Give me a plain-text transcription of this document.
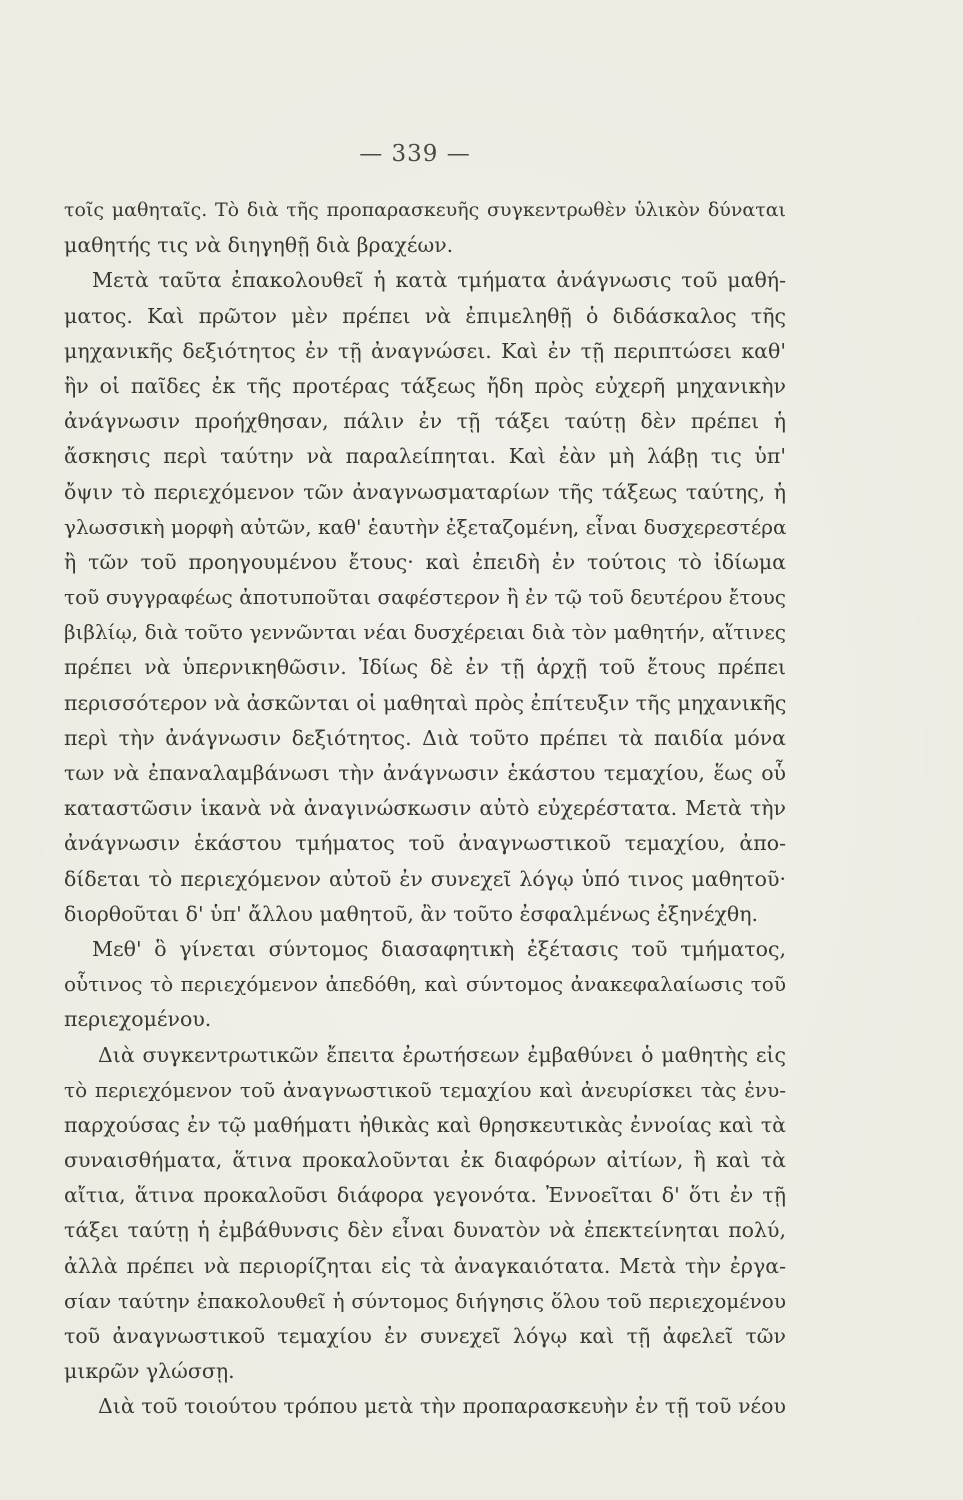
— 339 —
τοῖς μαθηταῖς. Τὸ διὰ τῆς προπαρασκευῆς συγκεντρωθὲν ὑλικὸν δύναται
μαθητής τις νὰ διηγηθῇ διὰ βραχέων.
Μετὰ ταῦτα ἐπακολουθεῖ ἡ κατὰ τμήματα ἀνάγνωσις τοῦ μαθή-
ματος. Καὶ πρῶτον μὲν πρέπει νὰ ἐπιμεληθῇ ὁ διδάσκαλος τῆς
μηχανικῆς δεξιότητος ἐν τῇ ἀναγνώσει. Καὶ ἐν τῇ περιπτώσει καθ'
ἣν οἱ παῖδες ἐκ τῆς προτέρας τάξεως ἤδη πρὸς εὐχερῆ μηχανικὴν
ἀνάγνωσιν προήχθησαν, πάλιν ἐν τῇ τάξει ταύτῃ δὲν πρέπει ἡ
ἄσκησις περὶ ταύτην νὰ παραλείπηται. Καὶ ἐὰν μὴ λάβῃ τις ὑπ'
ὄψιν τὸ περιεχόμενον τῶν ἀναγνωσματαρίων τῆς τάξεως ταύτης, ἡ
γλωσσικὴ μορφὴ αὐτῶν, καθ' ἑαυτὴν ἐξεταζομένη, εἶναι δυσχερεστέρα
ἢ τῶν τοῦ προηγουμένου ἔτους· καὶ ἐπειδὴ ἐν τούτοις τὸ ἰδίωμα
τοῦ συγγραφέως ἀποτυποῦται σαφέστερον ἢ ἐν τῷ τοῦ δευτέρου ἔτους
βιβλίῳ, διὰ τοῦτο γεννῶνται νέαι δυσχέρειαι διὰ τὸν μαθητήν, αἵτινες
πρέπει νὰ ὑπερνικηθῶσιν. Ἰδίως δὲ ἐν τῇ ἀρχῇ τοῦ ἔτους πρέπει
περισσότερον νὰ ἀσκῶνται οἱ μαθηταὶ πρὸς ἐπίτευξιν τῆς μηχανικῆς
περὶ τὴν ἀνάγνωσιν δεξιότητος. Διὰ τοῦτο πρέπει τὰ παιδία μόνα
των νὰ ἐπαναλαμβάνωσι τὴν ἀνάγνωσιν ἑκάστου τεμαχίου, ἕως οὗ
καταστῶσιν ἱκανὰ νὰ ἀναγινώσκωσιν αὐτὸ εὐχερέστατα. Μετὰ τὴν
ἀνάγνωσιν ἑκάστου τμήματος τοῦ ἀναγνωστικοῦ τεμαχίου, ἀπο-
δίδεται τὸ περιεχόμενον αὐτοῦ ἐν συνεχεῖ λόγῳ ὑπό τινος μαθητοῦ·
διορθοῦται δ' ὑπ' ἄλλου μαθητοῦ, ἂν τοῦτο ἐσφαλμένως ἐξηνέχθη.
Μεθ' ὃ γίνεται σύντομος διασαφητικὴ ἐξέτασις τοῦ τμήματος,
οὗτινος τὸ περιεχόμενον ἀπεδόθη, καὶ σύντομος ἀνακεφαλαίωσις τοῦ
περιεχομένου.
Διὰ συγκεντρωτικῶν ἔπειτα ἐρωτήσεων ἐμβαθύνει ὁ μαθητὴς εἰς
τὸ περιεχόμενον τοῦ ἀναγνωστικοῦ τεμαχίου καὶ ἀνευρίσκει τὰς ἐνυ-
παρχούσας ἐν τῷ μαθήματι ἠθικὰς καὶ θρησκευτικὰς ἐννοίας καὶ τὰ
συναισθήματα, ἅτινα προκαλοῦνται ἐκ διαφόρων αἰτίων, ἢ καὶ τὰ
αἴτια, ἅτινα προκαλοῦσι διάφορα γεγονότα. Ἐννοεῖται δ' ὅτι ἐν τῇ
τάξει ταύτῃ ἡ ἐμβάθυνσις δὲν εἶναι δυνατὸν νὰ ἐπεκτείνηται πολύ,
ἀλλὰ πρέπει νὰ περιορίζηται εἰς τὰ ἀναγκαιότατα. Μετὰ τὴν ἐργα-
σίαν ταύτην ἐπακολουθεῖ ἡ σύντομος διήγησις ὅλου τοῦ περιεχομένου
τοῦ ἀναγνωστικοῦ τεμαχίου ἐν συνεχεῖ λόγῳ καὶ τῇ ἀφελεῖ τῶν
μικρῶν γλώσσῃ.
Διὰ τοῦ τοιούτου τρόπου μετὰ τὴν προπαρασκευὴν ἐν τῇ τοῦ νέου
